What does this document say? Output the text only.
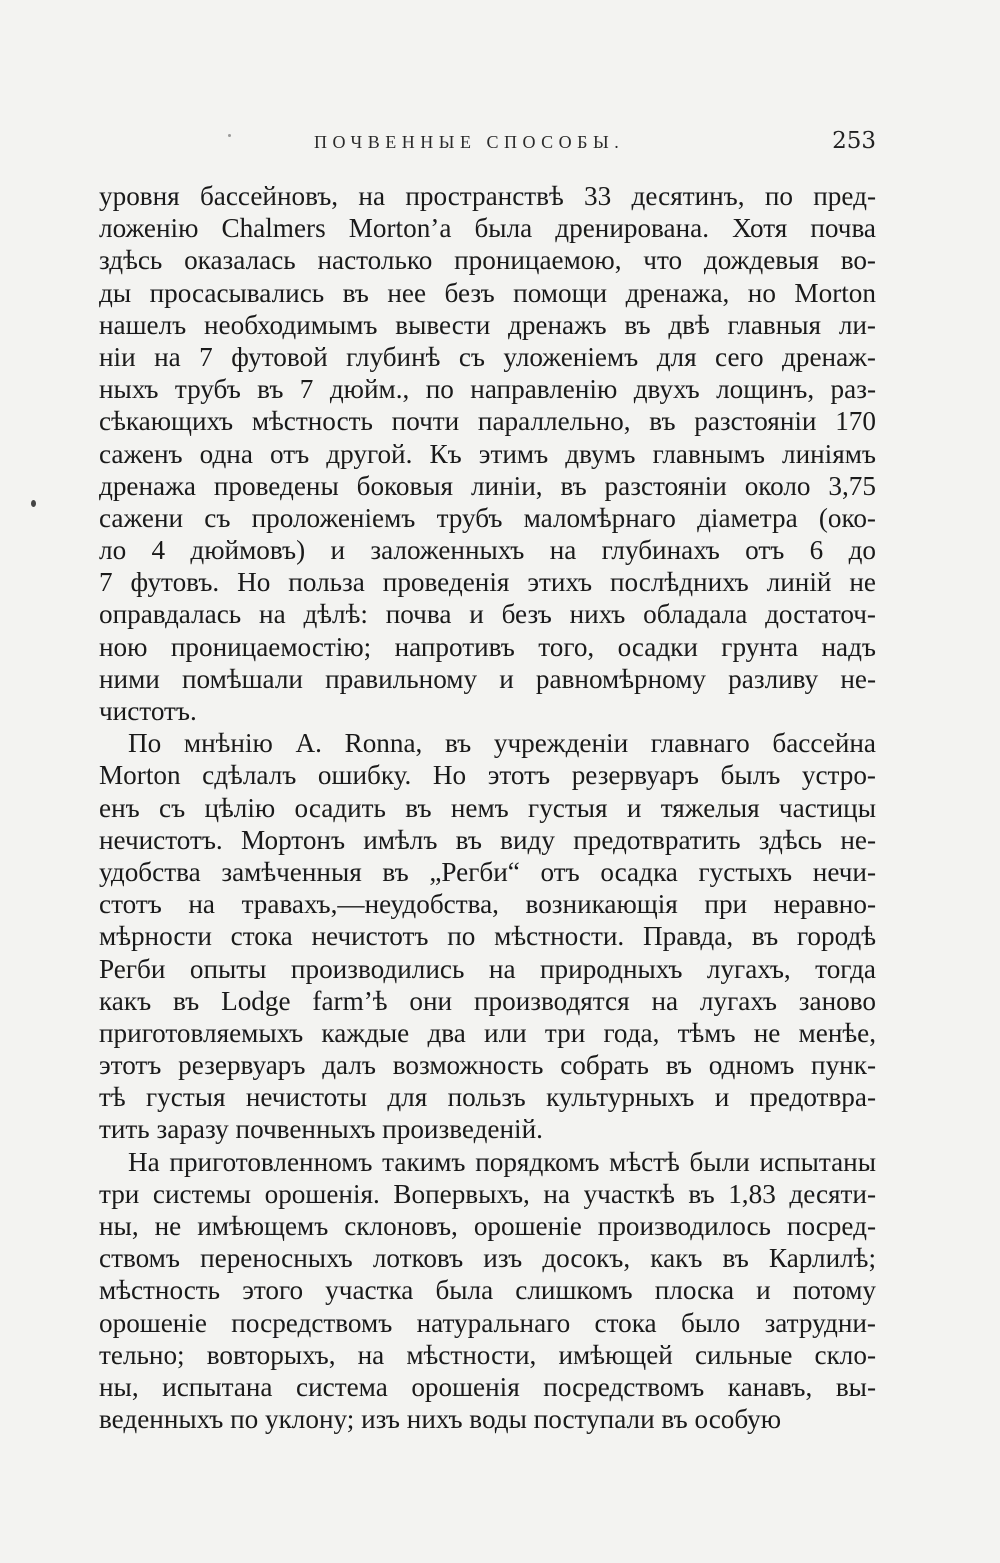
ПОЧВЕННЫЕ СПОСОБЫ.	253
уровня бассейновъ, на пространствѣ 33 десятинъ, по пред-
ложенію Chalmers Morton’a была дренирована. Хотя почва
здѣсь оказалась настолько проницаемою, что дождевыя во-
ды просасывались въ нее безъ помощи дренажа, но Morton
нашелъ необходимымъ вывести дренажъ въ двѣ главныя ли-
ніи на 7 футовой глубинѣ съ уложеніемъ для сего дренаж-
ныхъ трубъ въ 7 дюйм., по направленію двухъ лощинъ, раз-
сѣкающихъ мѣстность почти параллельно, въ разстояніи 170
саженъ одна отъ другой. Къ этимъ двумъ главнымъ линіямъ
дренажа проведены боковыя линіи, въ разстояніи около 3,75
сажени съ проложеніемъ трубъ маломѣрнаго діаметра (око-
ло 4 дюймовъ) и заложенныхъ на глубинахъ отъ 6 до
7 футовъ. Но польза проведенія этихъ послѣднихъ линій не
оправдалась на дѣлѣ: почва и безъ нихъ обладала достаточ-
ною проницаемостію; напротивъ того, осадки грунта надъ
ними помѣшали правильному и равномѣрному разливу не-
чистотъ.
По мнѣнію A. Ronna, въ учрежденіи главнаго бассейна
Morton сдѣлалъ ошибку. Но этотъ резервуаръ былъ устро-
енъ съ цѣлію осадить въ немъ густыя и тяжелыя частицы
нечистотъ. Мортонъ имѣлъ въ виду предотвратить здѣсь не-
удобства замѣченныя въ „Регби“ отъ осадка густыхъ нечи-
стотъ на травахъ,—неудобства, возникающія при неравно-
мѣрности стока нечистотъ по мѣстности. Правда, въ городѣ
Регби опыты производились на природныхъ лугахъ, тогда
какъ въ Lodge farm’ѣ они производятся на лугахъ заново
приготовляемыхъ каждые два или три года, тѣмъ не менѣе,
этотъ резервуаръ далъ возможность собрать въ одномъ пунк-
тѣ густыя нечистоты для пользъ культурныхъ и предотвра-
тить заразу почвенныхъ произведеній.
На приготовленномъ такимъ порядкомъ мѣстѣ были испытаны
три системы орошенія. Вопервыхъ, на участкѣ въ 1,83 десяти-
ны, не имѣющемъ склоновъ, орошеніе производилось посред-
ствомъ переносныхъ лотковъ изъ досокъ, какъ въ Карлилѣ;
мѣстность этого участка была слишкомъ плоска и потому
орошеніе посредствомъ натуральнаго стока было затрудни-
тельно; вовторыхъ, на мѣстности, имѣющей сильные скло-
ны, испытана система орошенія посредствомъ канавъ, вы-
веденныхъ по уклону; изъ нихъ воды поступали въ особую
